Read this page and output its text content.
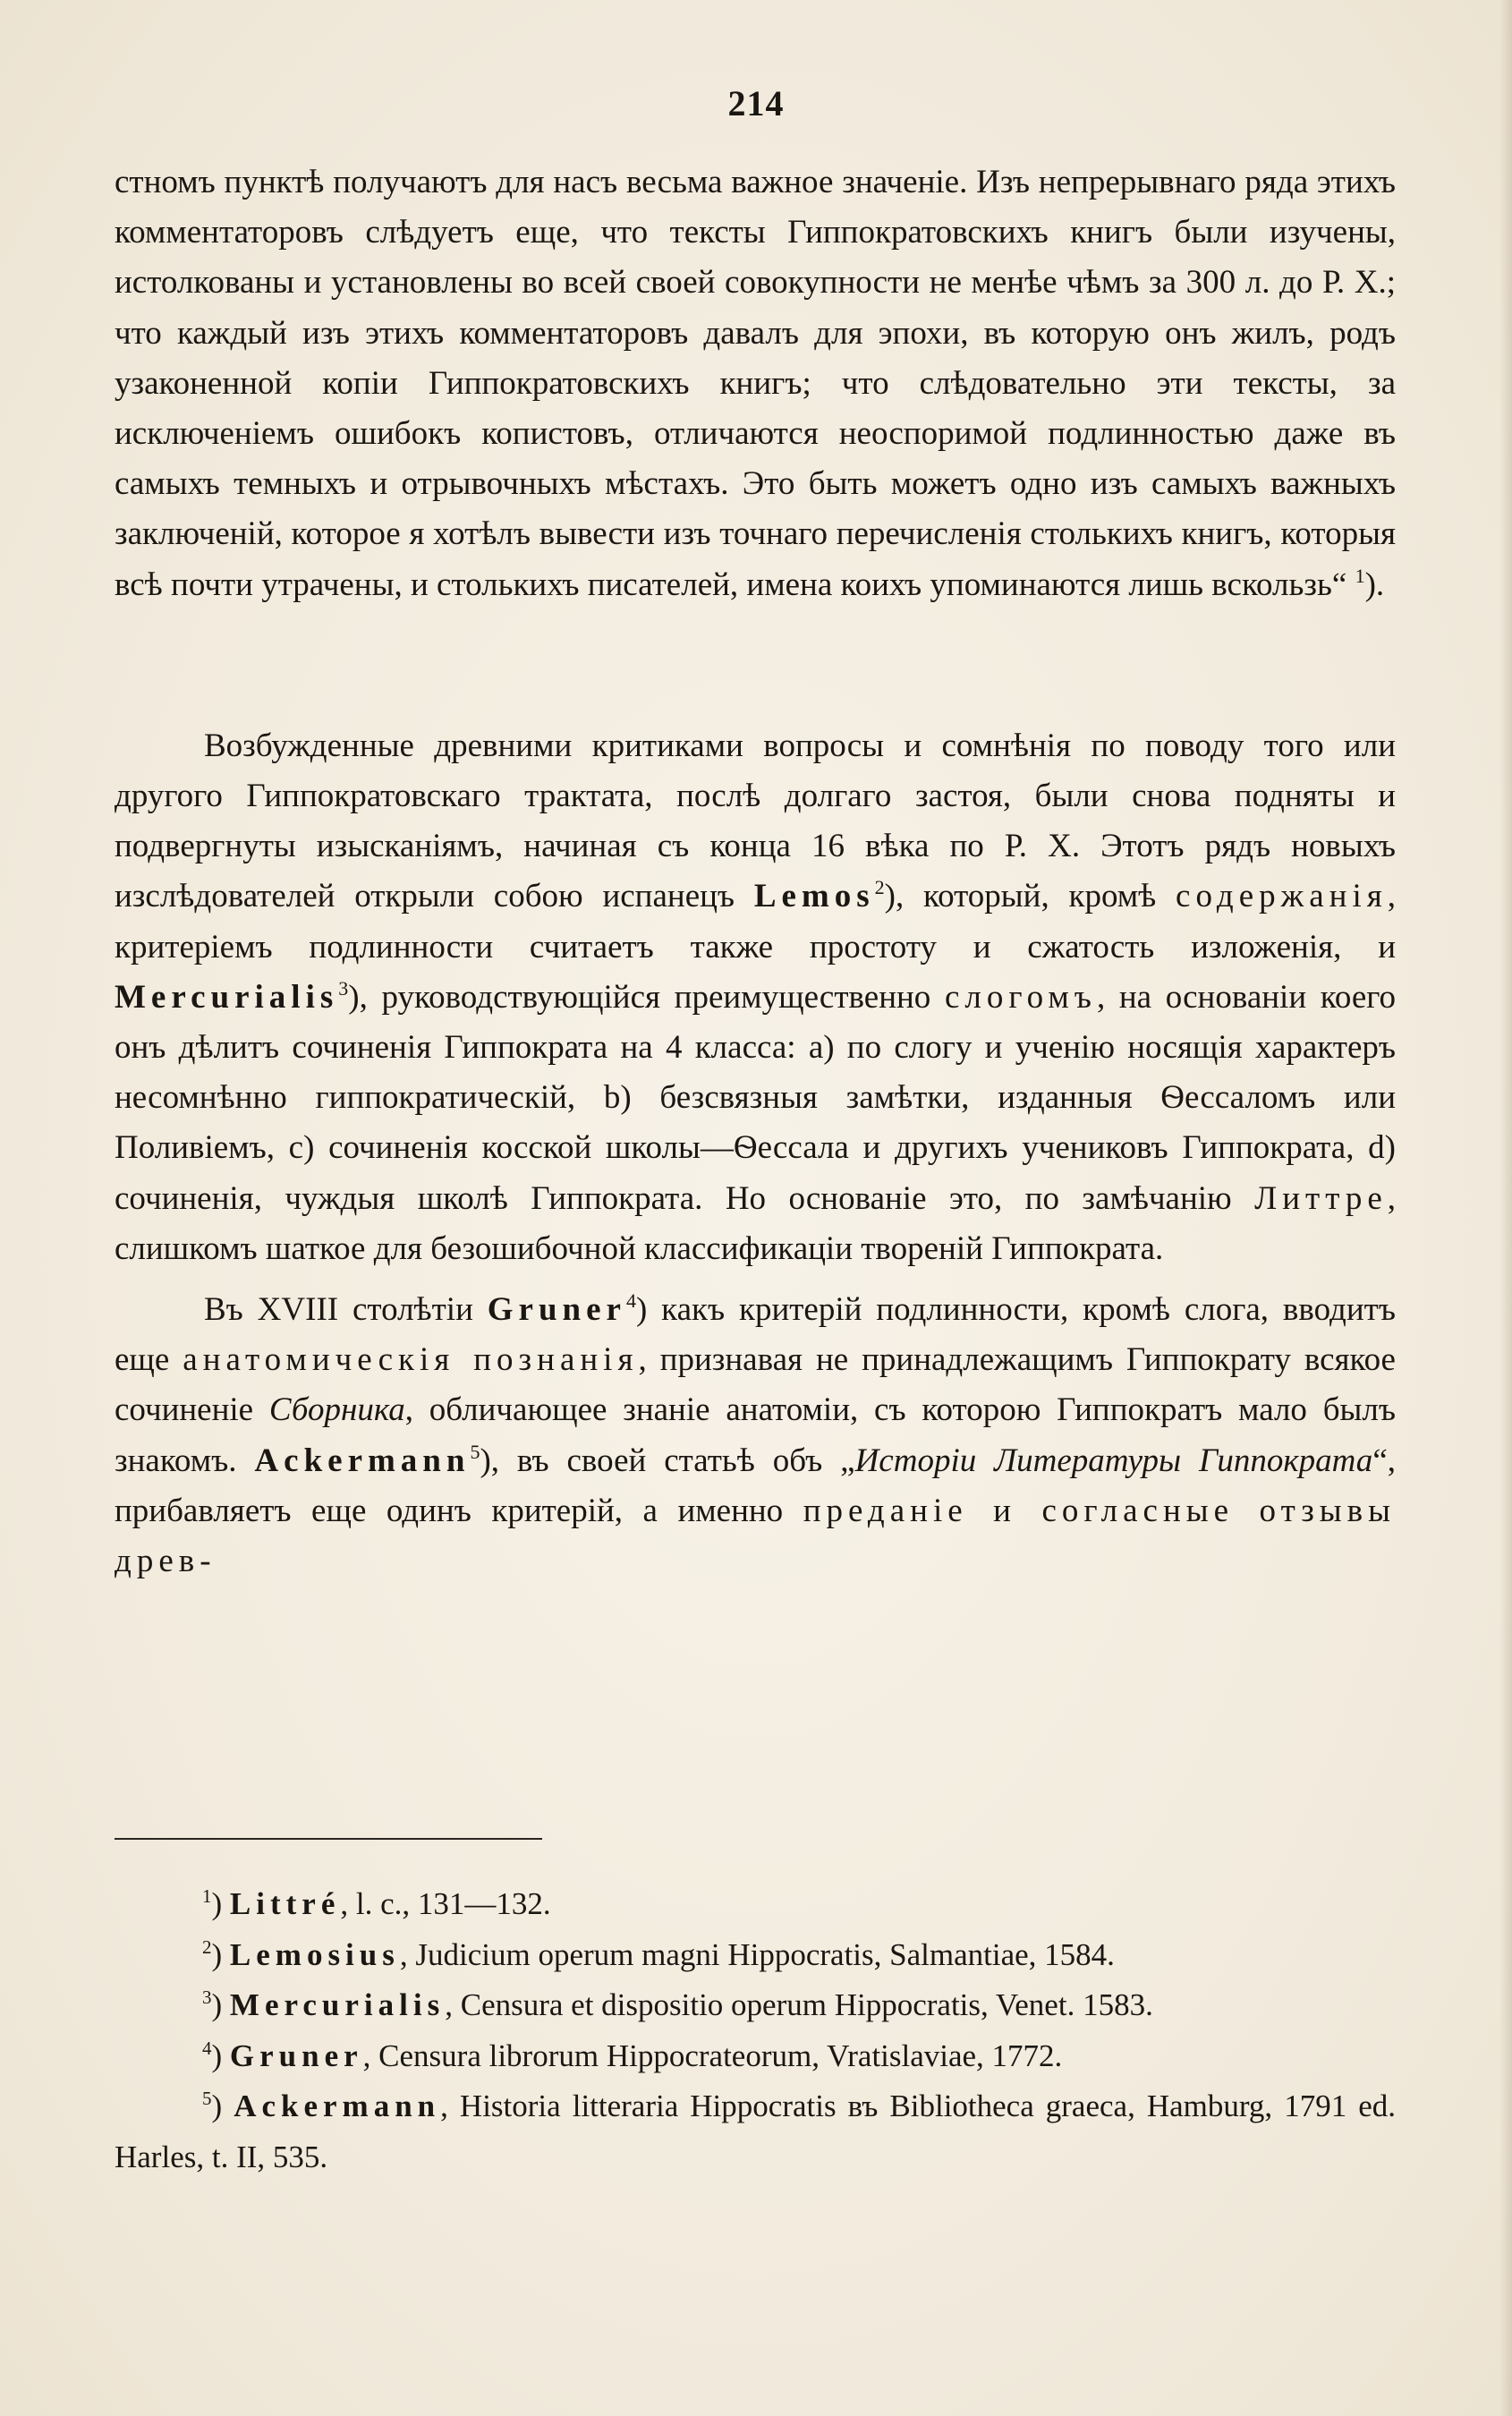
214

стномъ пунктѣ получаютъ для насъ весьма важное значеніе. Изъ непрерывнаго ряда этихъ комментаторовъ слѣдуетъ еще, что тексты Гиппократовскихъ книгъ были изучены, истолкованы и установлены во всей своей совокупности не менѣе чѣмъ за 300 л. до Р. Х.; что каждый изъ этихъ комментаторовъ давалъ для эпохи, въ которую онъ жилъ, родъ узаконенной копіи Гиппократовскихъ книгъ; что слѣдовательно эти тексты, за исключеніемъ ошибокъ копистовъ, отличаются неоспоримой подлинностью даже въ самыхъ темныхъ и отрывочныхъ мѣстахъ. Это быть можетъ одно изъ самыхъ важныхъ заключеній, которое я хотѣлъ вывести изъ точнаго перечисленія столькихъ книгъ, которыя всѣ почти утрачены, и столькихъ писателей, имена коихъ упоминаются лишь вскользь“ $^1$).

Возбужденные древними критиками вопросы и сомнѣнія по поводу того или другого Гиппократовскаго трактата, послѣ долгаго застоя, были снова подняты и подвергнуты изысканіямъ, начиная съ конца 16 вѣка по Р. Х. Этотъ рядъ новыхъ изслѣдователей открыли собою испанецъ Lemos$^2$), который, кромѣ содержанія, критеріемъ подлинности считаетъ также простоту и сжатость изложенія, и Mercurialis$^3$), руководствующійся преимущественно слогомъ, на основаніи коего онъ дѣлитъ сочиненія Гиппократа на 4 класса: a) по слогу и ученію носящія характеръ несомнѣнно гиппократическій, b) безсвязныя замѣтки, изданныя Ѳессаломъ или Поливіемъ, c) сочиненія косской школы—Ѳессала и другихъ учениковъ Гиппократа, d) сочиненія, чуждыя школѣ Гиппократа. Но основаніе это, по замѣчанію Литтре, слишкомъ шаткое для безошибочной классификаціи твореній Гиппократа.

Въ XVIII столѣтіи Gruner$^4$) какъ критерій подлинности, кромѣ слога, вводитъ еще анатомическія познанія, признавая не принадлежащимъ Гиппократу всякое сочиненіе Сборника, обличающее знаніе анатоміи, съ которою Гиппократъ мало былъ знакомъ. Ackermann$^5$), въ своей статьѣ объ „Исторіи Литературы Гиппократа“, прибавляетъ еще одинъ критерій, а именно преданіе и согласные отзывы древ-

$^1$) Littré, l. c., 131—132.

$^2$) Lemosius, Judicium operum magni Hippocratis, Salmantiae, 1584.

$^3$) Mercurialis, Censura et dispositio operum Hippocratis, Venet. 1583.

$^4$) Gruner, Censura librorum Hippocrateorum, Vratislaviae, 1772.

$^5$) Ackermann, Historia litteraria Hippocratis въ Bibliotheca graeca, Hamburg, 1791 ed. Harles, t. II, 535.
